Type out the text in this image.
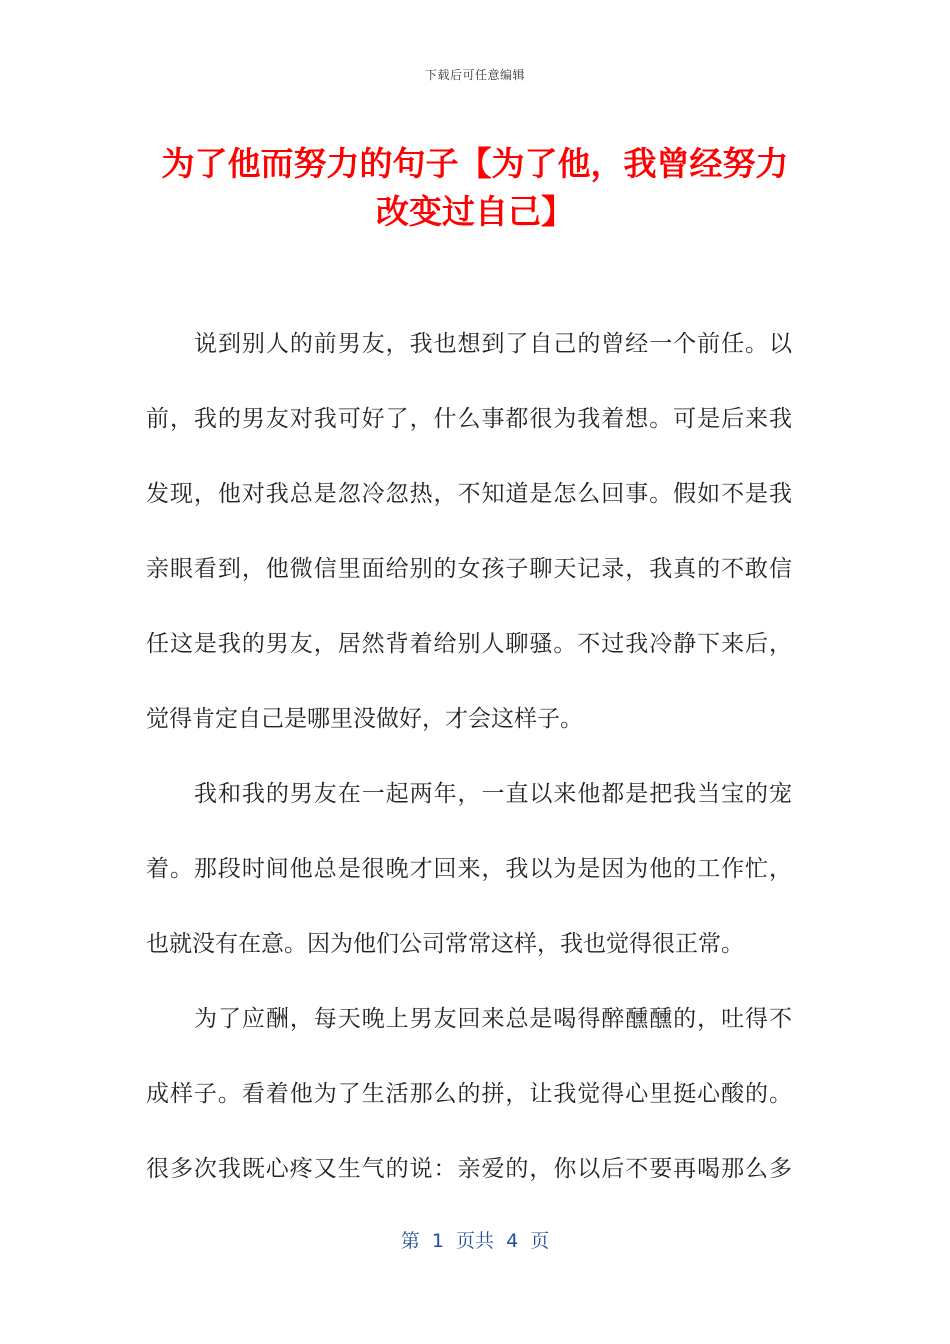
下载后可任意编辑
为了他而努力的句子【为了他，我曾经努力
改变过自己】
说到别人的前男友，我也想到了自己的曾经一个前任。以
前，我的男友对我可好了，什么事都很为我着想。可是后来我
发现，他对我总是忽冷忽热，不知道是怎么回事。假如不是我
亲眼看到，他微信里面给别的女孩子聊天记录，我真的不敢信
任这是我的男友，居然背着给别人聊骚。不过我冷静下来后，
觉得肯定自己是哪里没做好，才会这样子。
我和我的男友在一起两年，一直以来他都是把我当宝的宠
着。那段时间他总是很晚才回来，我以为是因为他的工作忙，
也就没有在意。因为他们公司常常这样，我也觉得很正常。
为了应酬，每天晚上男友回来总是喝得醉醺醺的，吐得不
成样子。看着他为了生活那么的拼，让我觉得心里挺心酸的。
很多次我既心疼又生气的说：亲爱的，你以后不要再喝那么多
第  1  页共  4  页
